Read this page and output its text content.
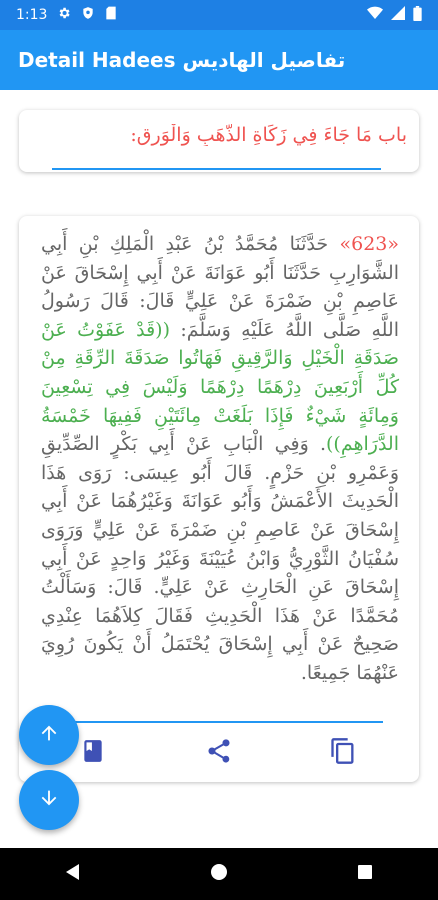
1:13
Detail Hadees تفاصيل الهاديس
باب مَا جَاءَ فِي زَكَاةِ الذَّهَبِ وَالْوَرِقِ:
«623» حَدَّثَنَا مُحَمَّدُ بْنُ عَبْدِ الْمَلِكِ بْنِ أَبِي الشَّوَارِبِ حَدَّثَنَا أَبُو عَوَانَةَ عَنْ أَبِي إِسْحَاقَ عَنْ عَاصِمِ بْنِ ضَمْرَةَ عَنْ عَلِيٍّ قَالَ: قَالَ رَسُولُ اللَّهِ صَلَّى اللَّهُ عَلَيْهِ وَسَلَّمَ: ((قَدْ عَفَوْتُ عَنْ صَدَقَةِ الْخَيْلِ وَالرَّقِيقِ فَهَاتُوا صَدَقَةَ الرِّقَةِ مِنْ كُلِّ أَرْبَعِينَ دِرْهَمًا دِرْهَمًا وَلَيْسَ فِي تِسْعِينَ وَمِائَةٍ شَيْءٌ فَإِذَا بَلَغَتْ مِائَتَيْنِ فَفِيهَا خَمْسَةُ الدَّرَاهِمِ)). وَفِي الْبَابِ عَنْ أَبِي بَكْرٍ الصِّدِّيقِ وَعَمْرِو بْنِ حَزْمٍ. قَالَ أَبُو عِيسَى: رَوَى هَذَا الْحَدِيثَ الأَعْمَشُ وَأَبُو عَوَانَةَ وَغَيْرُهُمَا عَنْ أَبِي إِسْحَاقَ عَنْ عَاصِمِ بْنِ ضَمْرَةَ عَنْ عَلِيٍّ وَرَوَى سُفْيَانُ الثَّوْرِيُّ وَابْنُ عُيَيْنَةَ وَغَيْرُ وَاحِدٍ عَنْ أَبِي إِسْحَاقَ عَنِ الْحَارِثِ عَنْ عَلِيٍّ. قَالَ: وَسَأَلْتُ مُحَمَّدًا عَنْ هَذَا الْحَدِيثِ فَقَالَ كِلاَهُمَا عِنْدِي صَحِيحٌ عَنْ أَبِي إِسْحَاقَ يُحْتَمَلُ أَنْ يَكُونَ رُوِيَ عَنْهُمَا جَمِيعًا.
